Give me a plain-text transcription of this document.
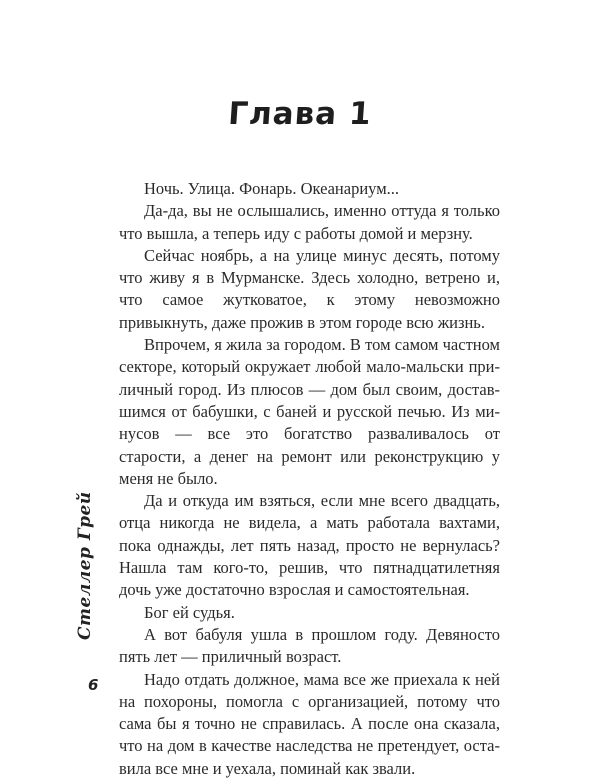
Глава 1

Ночь. Улица. Фонарь. Океанариум...

Да-да, вы не ослышались, именно оттуда я только что вышла, а теперь иду с работы домой и мерзну.

Сейчас ноябрь, а на улице минус десять, потому что живу я в Мурманске. Здесь холодно, ветрено и, что самое жутковатое, к этому невозможно привыкнуть, даже прожив в этом городе всю жизнь.

Впрочем, я жила за городом. В том самом частном секторе, который окружает любой мало-мальски приличный город. Из плюсов — дом был своим, доставшимся от бабушки, с баней и русской печью. Из минусов — все это богатство разваливалось от старости, а денег на ремонт или реконструкцию у меня не было.

Да и откуда им взяться, если мне всего двадцать, отца никогда не видела, а мать работала вахтами, пока однажды, лет пять назад, просто не вернулась? Нашла там кого-то, решив, что пятнадцатилетняя дочь уже достаточно взрослая и самостоятельная.

Бог ей судья.

А вот бабуля ушла в прошлом году. Девяносто пять лет — приличный возраст.

Надо отдать должное, мама все же приехала к ней на похороны, помогла с организацией, потому что сама бы я точно не справилась. А после она сказала, что на дом в качестве наследства не претендует, оставила все мне и уехала, поминай как звали.

Стеллер Грей
6
